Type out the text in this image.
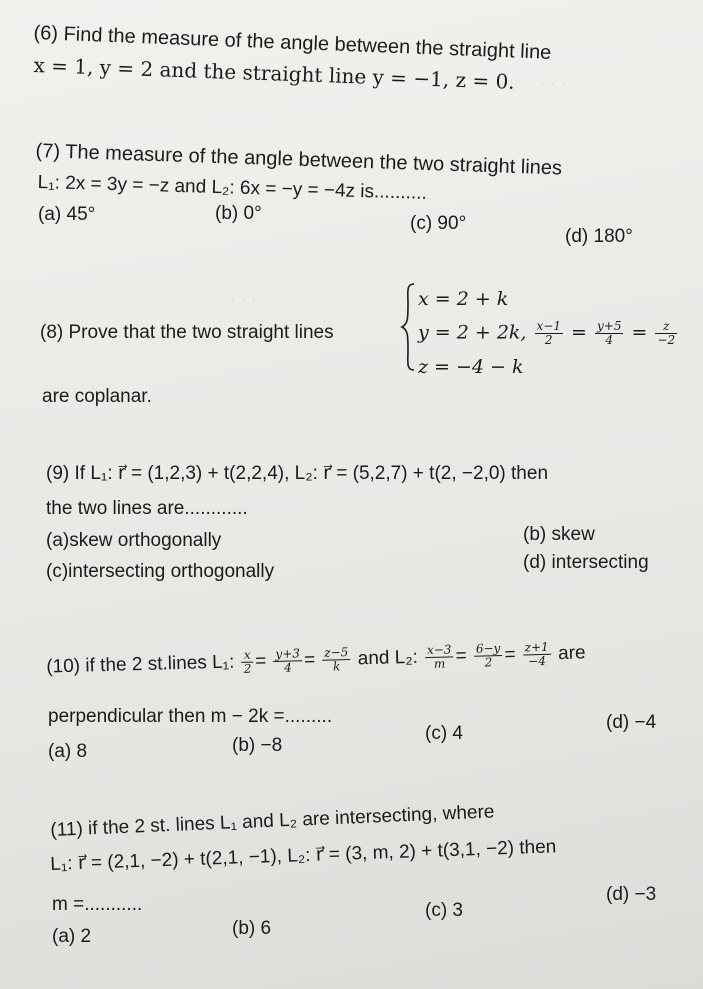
· · ·
· · ·
(6) Find the measure of the angle between the straight line
x = 1, y = 2 and the straight line y = −1, z = 0.
(7) The measure of the angle between the two straight lines
L₁: 2x = 3y = −z and L₂: 6x = −y = −4z is..........
(a) 45°	(b) 0°	(c) 90°
(d) 180°
(8) Prove that the two straight lines
x = 2 + k
y = 2 + 2k, $\frac{x-1}{2} = \frac{y+5}{4} = \frac{z}{-2}$
z = −4 − k
are coplanar.
(9) If L₁: r⃗ = (1,2,3) + t(2,2,4), L₂: r⃗ = (5,2,7) + t(2, −2,0) then
the two lines are............
(a)skew orthogonally	(b) skew
(c)intersecting orthogonally	(d) intersecting
(10) if the 2 st.lines L₁: $\frac{x}{2} = \frac{y+3}{4} = \frac{z-5}{k}$ and L₂: $\frac{x-3}{m} = \frac{6-y}{2} = \frac{z+1}{-4}$ are
perpendicular then m − 2k =.........
(a) 8	(b) −8
(c) 4
(d) −4
(11) if the 2 st. lines L₁ and L₂ are intersecting, where
L₁: r⃗ = (2,1, −2) + t(2,1, −1), L₂: r⃗ = (3, m, 2) + t(3,1, −2) then
m =...........
(a) 2	(b) 6
(c) 3
(d) −3
